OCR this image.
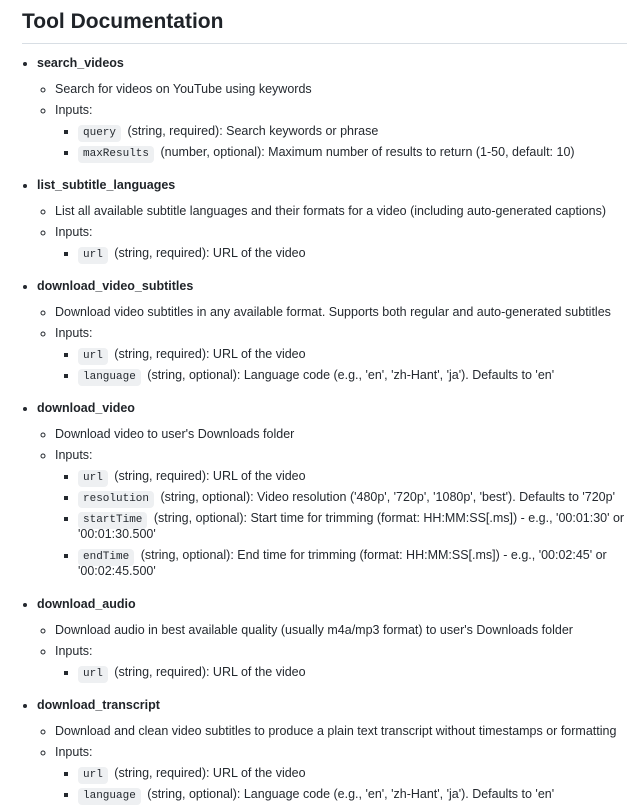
Tool Documentation

• search_videos

◦ Search for videos on YouTube using keywords
◦ Inputs:
▪ query (string, required): Search keywords or phrase
▪ maxResults (number, optional): Maximum number of results to return (1-50, default: 10)

• list_subtitle_languages

◦ List all available subtitle languages and their formats for a video (including auto-generated captions)
◦ Inputs:
▪ url (string, required): URL of the video

• download_video_subtitles

◦ Download video subtitles in any available format. Supports both regular and auto-generated subtitles
◦ Inputs:
▪ url (string, required): URL of the video
▪ language (string, optional): Language code (e.g., 'en', 'zh-Hant', 'ja'). Defaults to 'en'

• download_video

◦ Download video to user's Downloads folder
◦ Inputs:
▪ url (string, required): URL of the video
▪ resolution (string, optional): Video resolution ('480p', '720p', '1080p', 'best'). Defaults to '720p'
▪ startTime (string, optional): Start time for trimming (format: HH:MM:SS[.ms]) - e.g., '00:01:30' or '00:01:30.500'
▪ endTime (string, optional): End time for trimming (format: HH:MM:SS[.ms]) - e.g., '00:02:45' or '00:02:45.500'

• download_audio

◦ Download audio in best available quality (usually m4a/mp3 format) to user's Downloads folder
◦ Inputs:
▪ url (string, required): URL of the video

• download_transcript

◦ Download and clean video subtitles to produce a plain text transcript without timestamps or formatting
◦ Inputs:
▪ url (string, required): URL of the video
▪ language (string, optional): Language code (e.g., 'en', 'zh-Hant', 'ja'). Defaults to 'en'
